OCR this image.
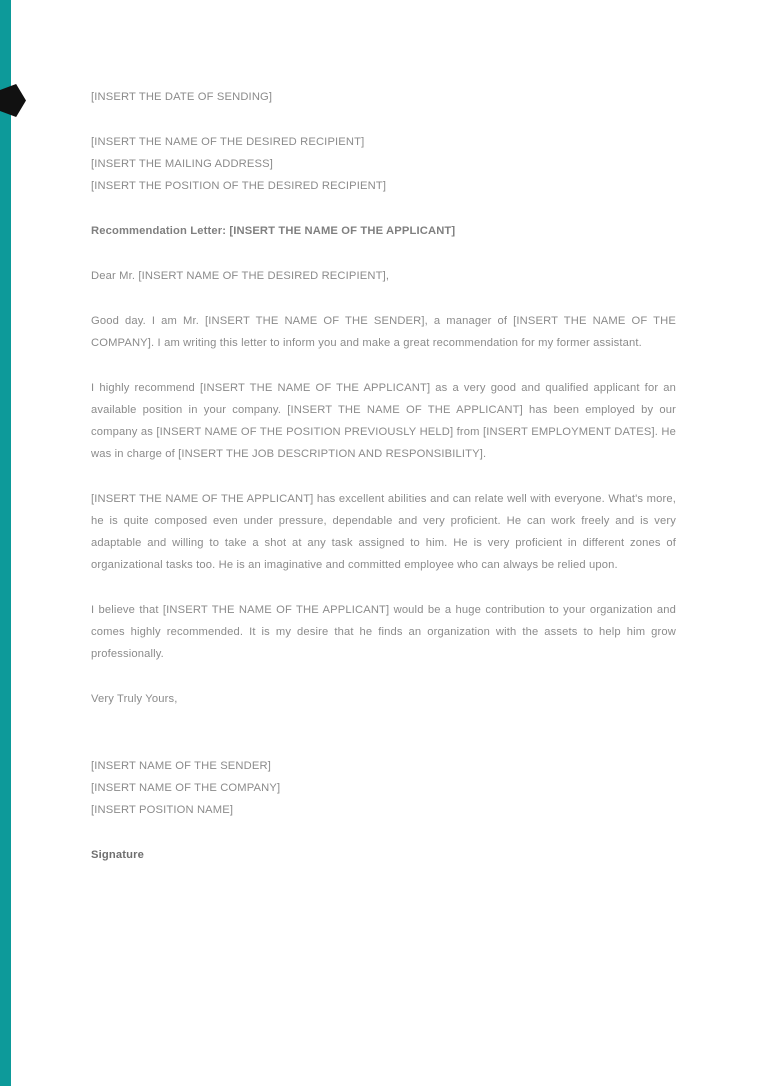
[INSERT THE DATE OF SENDING]

[INSERT THE NAME OF THE DESIRED RECIPIENT]

[INSERT THE MAILING ADDRESS]

[INSERT THE POSITION OF THE DESIRED RECIPIENT]

Recommendation Letter: [INSERT THE NAME OF THE APPLICANT]

Dear Mr. [INSERT NAME OF THE DESIRED RECIPIENT],

Good day. I am Mr. [INSERT THE NAME OF THE SENDER], a manager of [INSERT THE NAME OF THE COMPANY]. I am writing this letter to inform you and make a great recommendation for my former assistant.

I highly recommend [INSERT THE NAME OF THE APPLICANT] as a very good and qualified applicant for an available position in your company. [INSERT THE NAME OF THE APPLICANT] has been employed by our company as [INSERT NAME OF THE POSITION PREVIOUSLY HELD] from [INSERT EMPLOYMENT DATES]. He was in charge of [INSERT THE JOB DESCRIPTION AND RESPONSIBILITY].

[INSERT THE NAME OF THE APPLICANT] has excellent abilities and can relate well with everyone. What's more, he is quite composed even under pressure, dependable and very proficient. He can work freely and is very adaptable and willing to take a shot at any task assigned to him. He is very proficient in different zones of organizational tasks too. He is an imaginative and committed employee who can always be relied upon.

I believe that [INSERT THE NAME OF THE APPLICANT] would be a huge contribution to your organization and comes highly recommended. It is my desire that he finds an organization with the assets to help him grow professionally.

Very Truly Yours,

[INSERT NAME OF THE SENDER]

[INSERT NAME OF THE COMPANY]

[INSERT POSITION NAME]

Signature
